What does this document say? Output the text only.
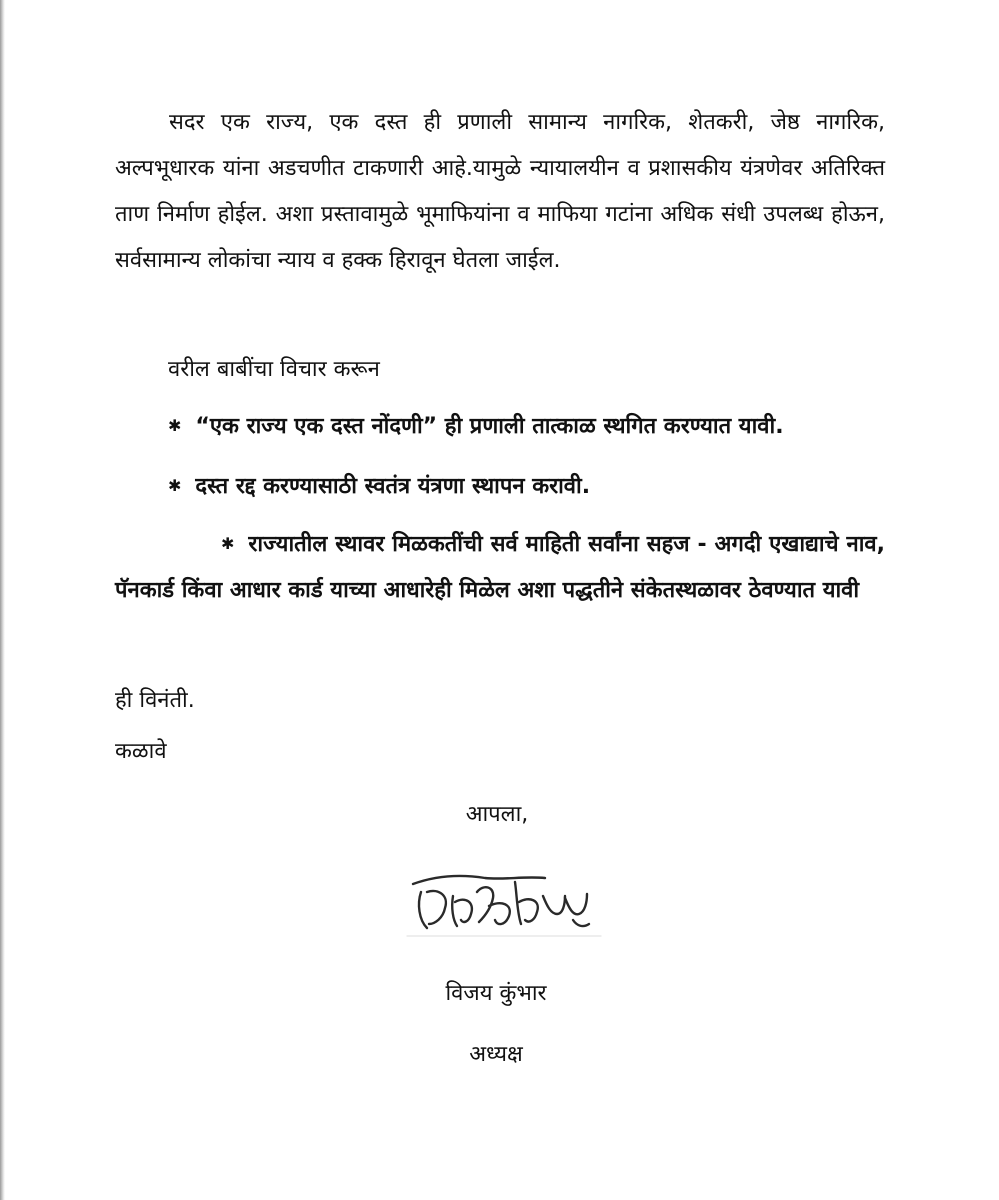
सदर एक राज्य, एक दस्त ही प्रणाली सामान्य नागरिक, शेतकरी, जेष्ठ नागरिक, अल्पभूधारक यांना अडचणीत टाकणारी आहे.यामुळे न्यायालयीन व प्रशासकीय यंत्रणेवर अतिरिक्त ताण निर्माण होईल. अशा प्रस्तावामुळे भूमाफियांना व माफिया गटांना अधिक संधी उपलब्ध होऊन, सर्वसामान्य लोकांचा न्याय व हक्क हिरावून घेतला जाईल.
वरील बाबींचा विचार करून
✱ “एक राज्य एक दस्त नोंदणी” ही प्रणाली तात्काळ स्थगित करण्यात यावी.
✱ दस्त रद्द करण्यासाठी स्वतंत्र यंत्रणा स्थापन करावी.
✱ राज्यातील स्थावर मिळकतींची सर्व माहिती सर्वांना सहज - अगदी एखाद्याचे नाव, पॅनकार्ड किंवा आधार कार्ड याच्या आधारेही मिळेल अशा पद्धतीने संकेतस्थळावर ठेवण्यात यावी
ही विनंती.
कळावे
आपला,
विजय कुंभार
अध्यक्ष
